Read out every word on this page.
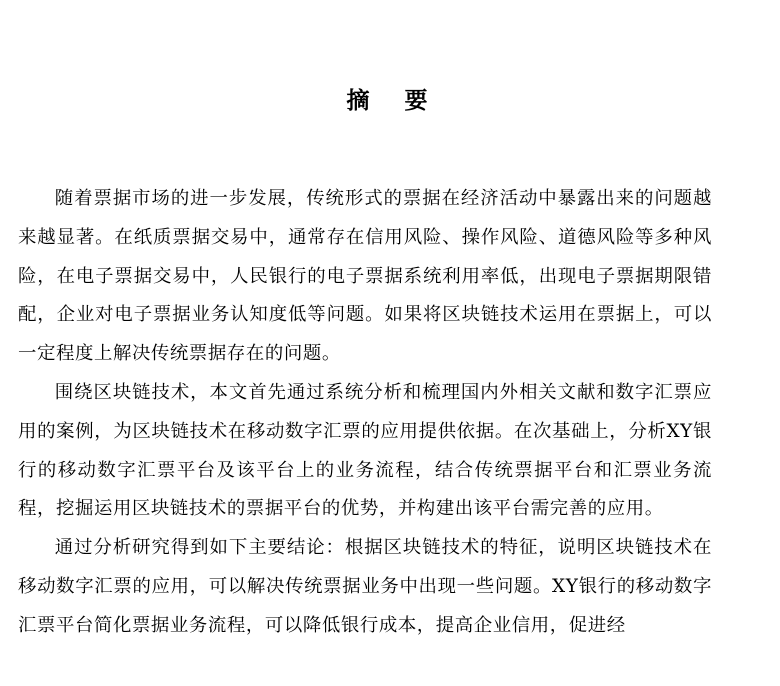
摘　要

随着票据市场的进一步发展，传统形式的票据在经济活动中暴露出来的问题越来越显著。在纸质票据交易中，通常存在信用风险、操作风险、道德风险等多种风险，在电子票据交易中，人民银行的电子票据系统利用率低，出现电子票据期限错配，企业对电子票据业务认知度低等问题。如果将区块链技术运用在票据上，可以一定程度上解决传统票据存在的问题。

围绕区块链技术，本文首先通过系统分析和梳理国内外相关文献和数字汇票应用的案例，为区块链技术在移动数字汇票的应用提供依据。在次基础上，分析XY银行的移动数字汇票平台及该平台上的业务流程，结合传统票据平台和汇票业务流程，挖掘运用区块链技术的票据平台的优势，并构建出该平台需完善的应用。

通过分析研究得到如下主要结论：根据区块链技术的特征，说明区块链技术在移动数字汇票的应用，可以解决传统票据业务中出现一些问题。XY银行的移动数字汇票平台简化票据业务流程，可以降低银行成本，提高企业信用，促进经
